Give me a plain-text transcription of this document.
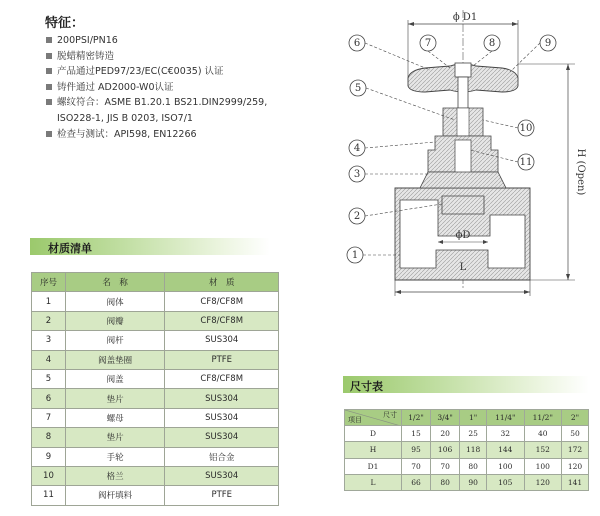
特征：
200PSI/PN16
脱蜡精密铸造
产品通过PED97/23/EC(C€0035) 认证
铸件通过 AD2000-W0认证
螺纹符合：ASME B1.20.1 BS21.DIN2999/259,
ISO228-1, JIS B 0203, ISO7/1
检查与测试：API598, EN12266
ϕ D1
ϕD
L
H (Open)
1
2
3
4
5
6	7	8	9
10
11
材质清单
序号	名　称	材　质
1	阀体	CF8/CF8M
2	阀瓣	CF8/CF8M
3	阀杆	SUS304
4	阀盖垫圈	PTFE
5	阀盖	CF8/CF8M
6	垫片	SUS304
7	螺母	SUS304
8	垫片	SUS304
9	手轮	铝合金
10	格兰	SUS304
11	阀杆填料	PTFE
尺寸表
尺寸
项目	1/2"	3/4"	1"	11/4"	11/2"	2"
D	15	20	25	32	40	50
H	95	106	118	144	152	172
D1	70	70	80	100	100	120
L	66	80	90	105	120	141
